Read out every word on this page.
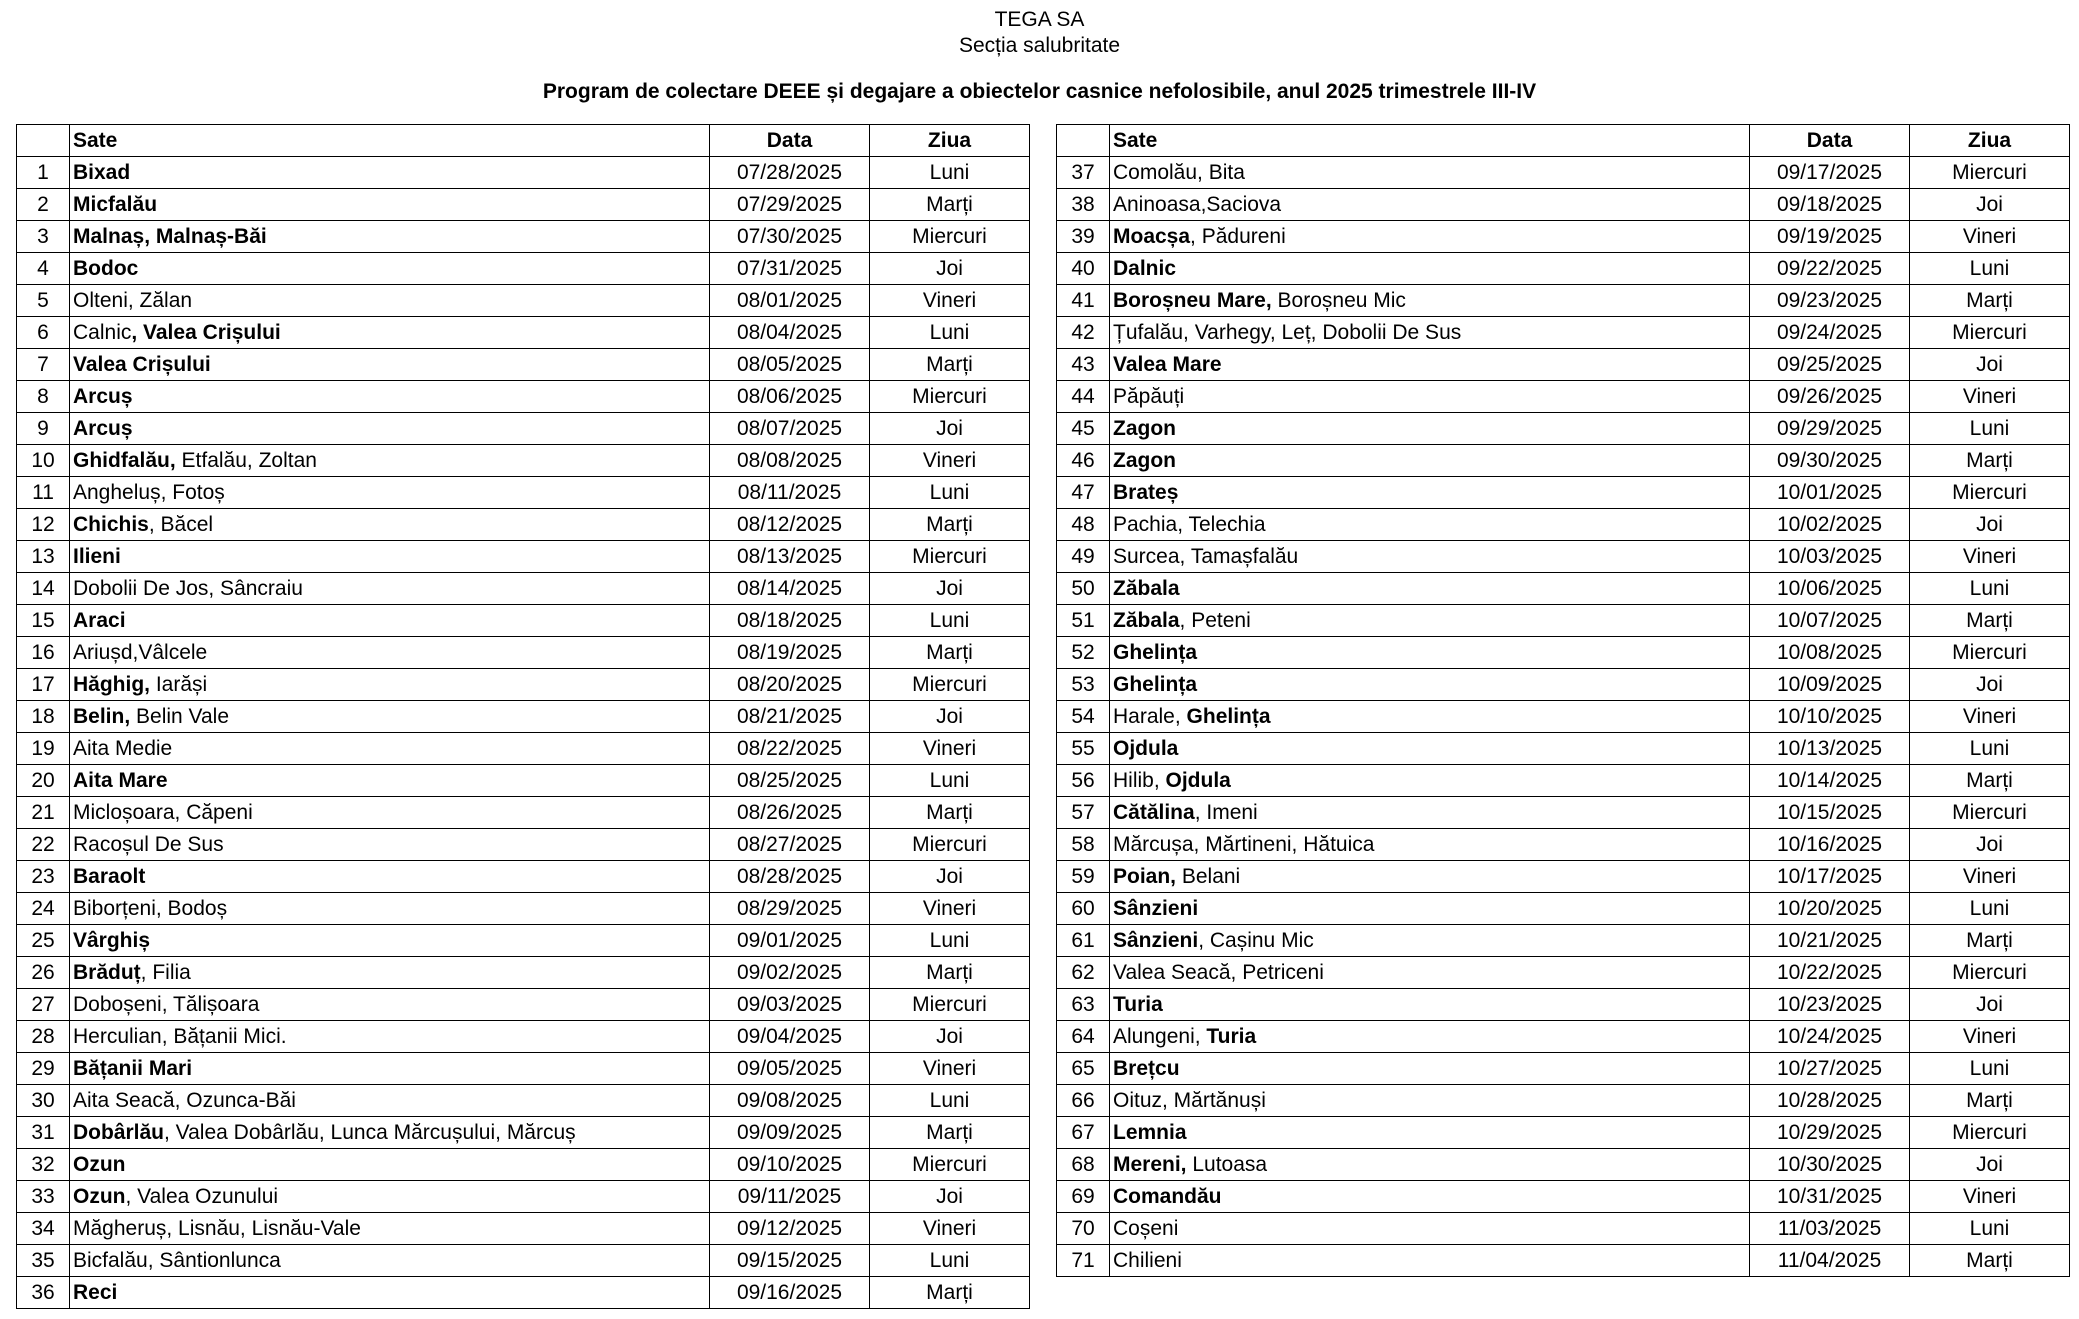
TEGA SA
Secția salubritate
Program de colectare DEEE și degajare a obiectelor casnice nefolosibile, anul 2025 trimestrele III-IV
	Sate	Data	Ziua
1	Bixad	07/28/2025	Luni
2	Micfalău	07/29/2025	Marți
3	Malnaș, Malnaș-Băi	07/30/2025	Miercuri
4	Bodoc	07/31/2025	Joi
5	Olteni, Zălan	08/01/2025	Vineri
6	Calnic, Valea Crișului	08/04/2025	Luni
7	Valea Crișului	08/05/2025	Marți
8	Arcuș	08/06/2025	Miercuri
9	Arcuș	08/07/2025	Joi
10	Ghidfalău, Etfalău, Zoltan	08/08/2025	Vineri
11	Angheluș, Fotoș	08/11/2025	Luni
12	Chichis, Băcel	08/12/2025	Marți
13	Ilieni	08/13/2025	Miercuri
14	Dobolii De Jos, Sâncraiu	08/14/2025	Joi
15	Araci	08/18/2025	Luni
16	Ariușd,Vâlcele	08/19/2025	Marți
17	Hăghig, Iarăși	08/20/2025	Miercuri
18	Belin, Belin Vale	08/21/2025	Joi
19	Aita Medie	08/22/2025	Vineri
20	Aita Mare	08/25/2025	Luni
21	Micloșoara, Căpeni	08/26/2025	Marți
22	Racoșul De Sus	08/27/2025	Miercuri
23	Baraolt	08/28/2025	Joi
24	Biborțeni, Bodoș	08/29/2025	Vineri
25	Vârghiș	09/01/2025	Luni
26	Brăduț, Filia	09/02/2025	Marți
27	Doboșeni, Tălișoara	09/03/2025	Miercuri
28	Herculian, Bățanii Mici.	09/04/2025	Joi
29	Bățanii Mari	09/05/2025	Vineri
30	Aita Seacă, Ozunca-Băi	09/08/2025	Luni
31	Dobârlău, Valea Dobârlău, Lunca Mărcușului, Mărcuș	09/09/2025	Marți
32	Ozun	09/10/2025	Miercuri
33	Ozun, Valea Ozunului	09/11/2025	Joi
34	Măgheruș, Lisnău, Lisnău-Vale	09/12/2025	Vineri
35	Bicfalău, Sântionlunca	09/15/2025	Luni
36	Reci	09/16/2025	Marți
	Sate	Data	Ziua
37	Comolău, Bita	09/17/2025	Miercuri
38	Aninoasa,Saciova	09/18/2025	Joi
39	Moacșa, Pădureni	09/19/2025	Vineri
40	Dalnic	09/22/2025	Luni
41	Boroșneu Mare, Boroșneu Mic	09/23/2025	Marți
42	Țufalău, Varhegy, Leț, Dobolii De Sus	09/24/2025	Miercuri
43	Valea Mare	09/25/2025	Joi
44	Păpăuți	09/26/2025	Vineri
45	Zagon	09/29/2025	Luni
46	Zagon	09/30/2025	Marți
47	Brateș	10/01/2025	Miercuri
48	Pachia, Telechia	10/02/2025	Joi
49	Surcea, Tamașfalău	10/03/2025	Vineri
50	Zăbala	10/06/2025	Luni
51	Zăbala, Peteni	10/07/2025	Marți
52	Ghelința	10/08/2025	Miercuri
53	Ghelința	10/09/2025	Joi
54	Harale, Ghelința	10/10/2025	Vineri
55	Ojdula	10/13/2025	Luni
56	Hilib, Ojdula	10/14/2025	Marți
57	Cătălina, Imeni	10/15/2025	Miercuri
58	Mărcușa, Mărtineni, Hătuica	10/16/2025	Joi
59	Poian, Belani	10/17/2025	Vineri
60	Sânzieni	10/20/2025	Luni
61	Sânzieni, Cașinu Mic	10/21/2025	Marți
62	Valea Seacă, Petriceni	10/22/2025	Miercuri
63	Turia	10/23/2025	Joi
64	Alungeni, Turia	10/24/2025	Vineri
65	Brețcu	10/27/2025	Luni
66	Oituz, Mărtănuși	10/28/2025	Marți
67	Lemnia	10/29/2025	Miercuri
68	Mereni, Lutoasa	10/30/2025	Joi
69	Comandău	10/31/2025	Vineri
70	Coșeni	11/03/2025	Luni
71	Chilieni	11/04/2025	Marți
